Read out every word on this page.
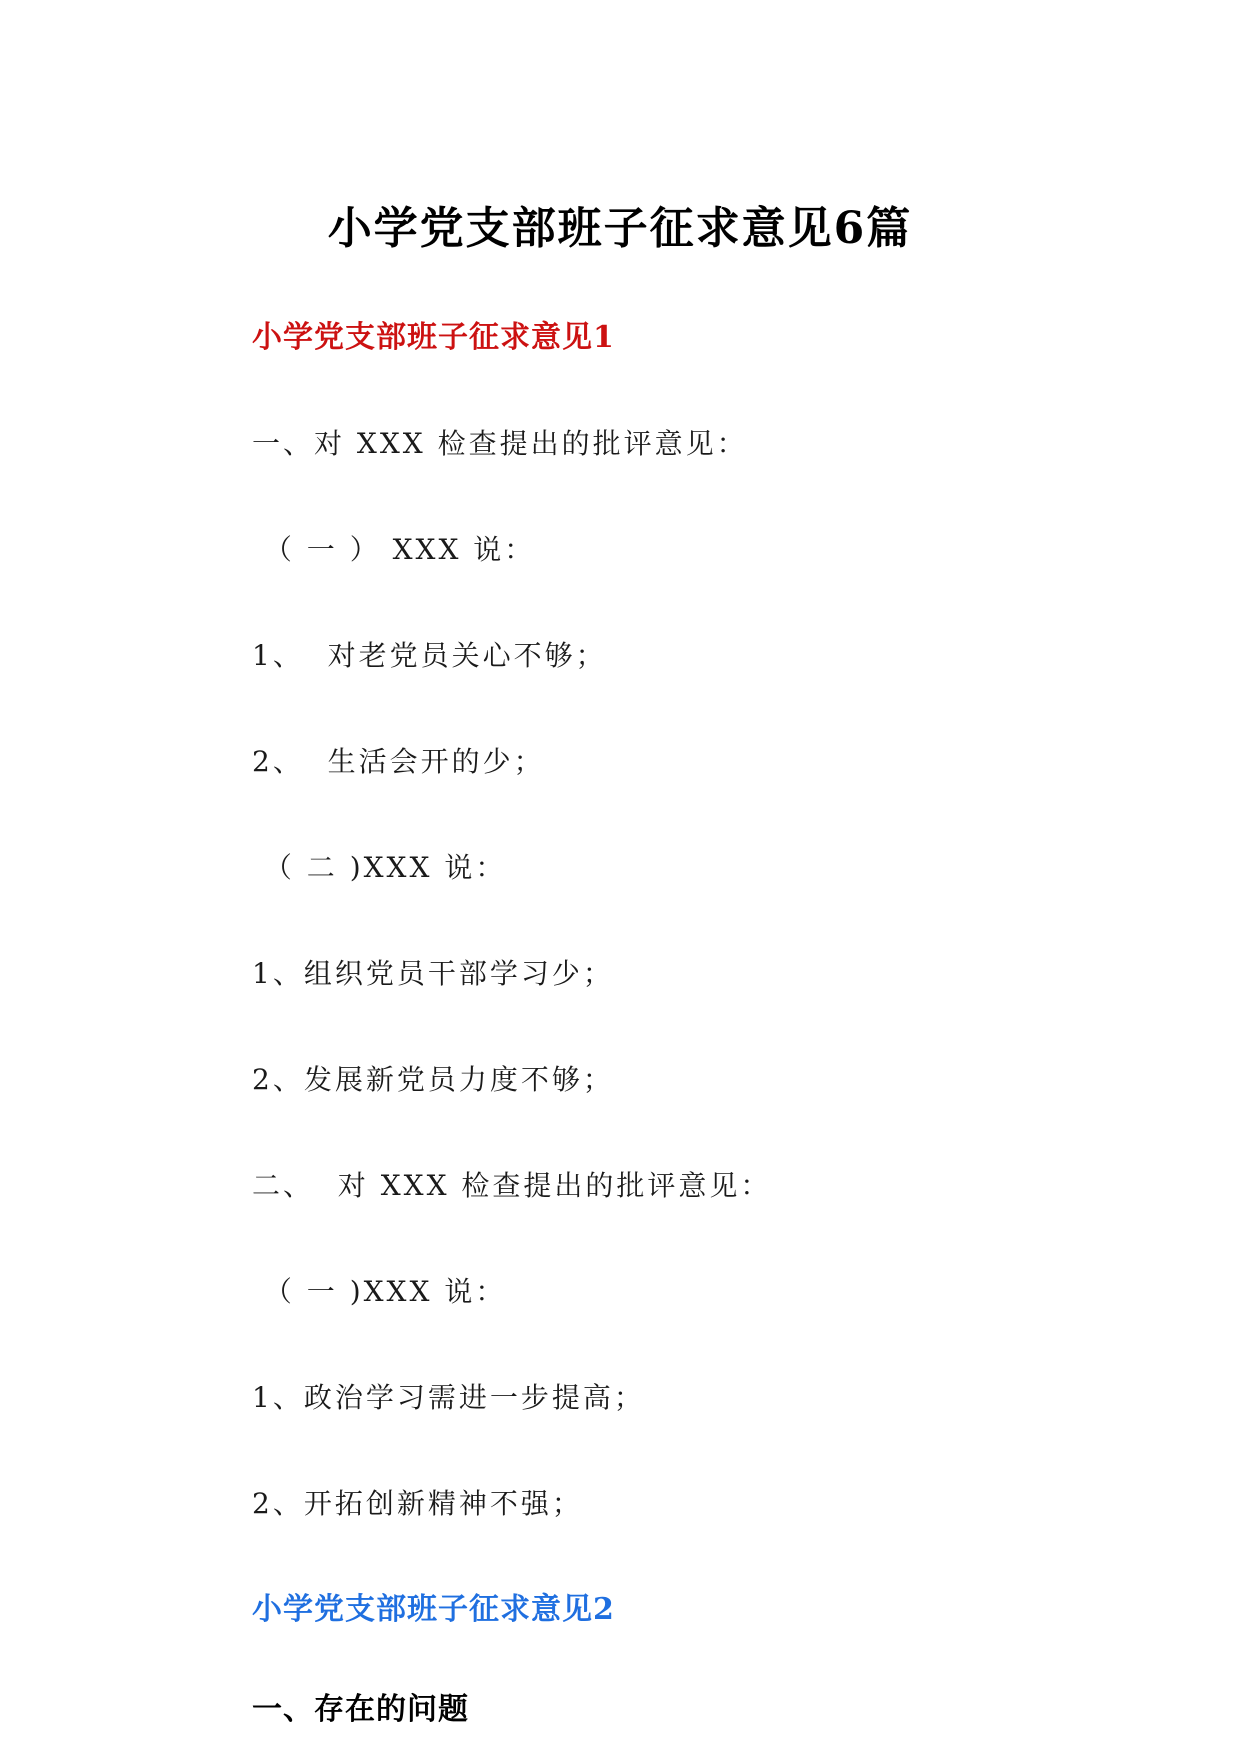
小学党支部班子征求意见6篇
小学党支部班子征求意见1
一、对 XXX 检查提出的批评意见：
（ 一 ） XXX 说：
1、  对老党员关心不够；
2、  生活会开的少；
（ 二 )XXX 说：
1、组织党员干部学习少；
2、发展新党员力度不够；
二、  对 XXX 检查提出的批评意见：
（ 一 )XXX 说：
1、政治学习需进一步提高；
2、开拓创新精神不强；
小学党支部班子征求意见2
一、存在的问题
